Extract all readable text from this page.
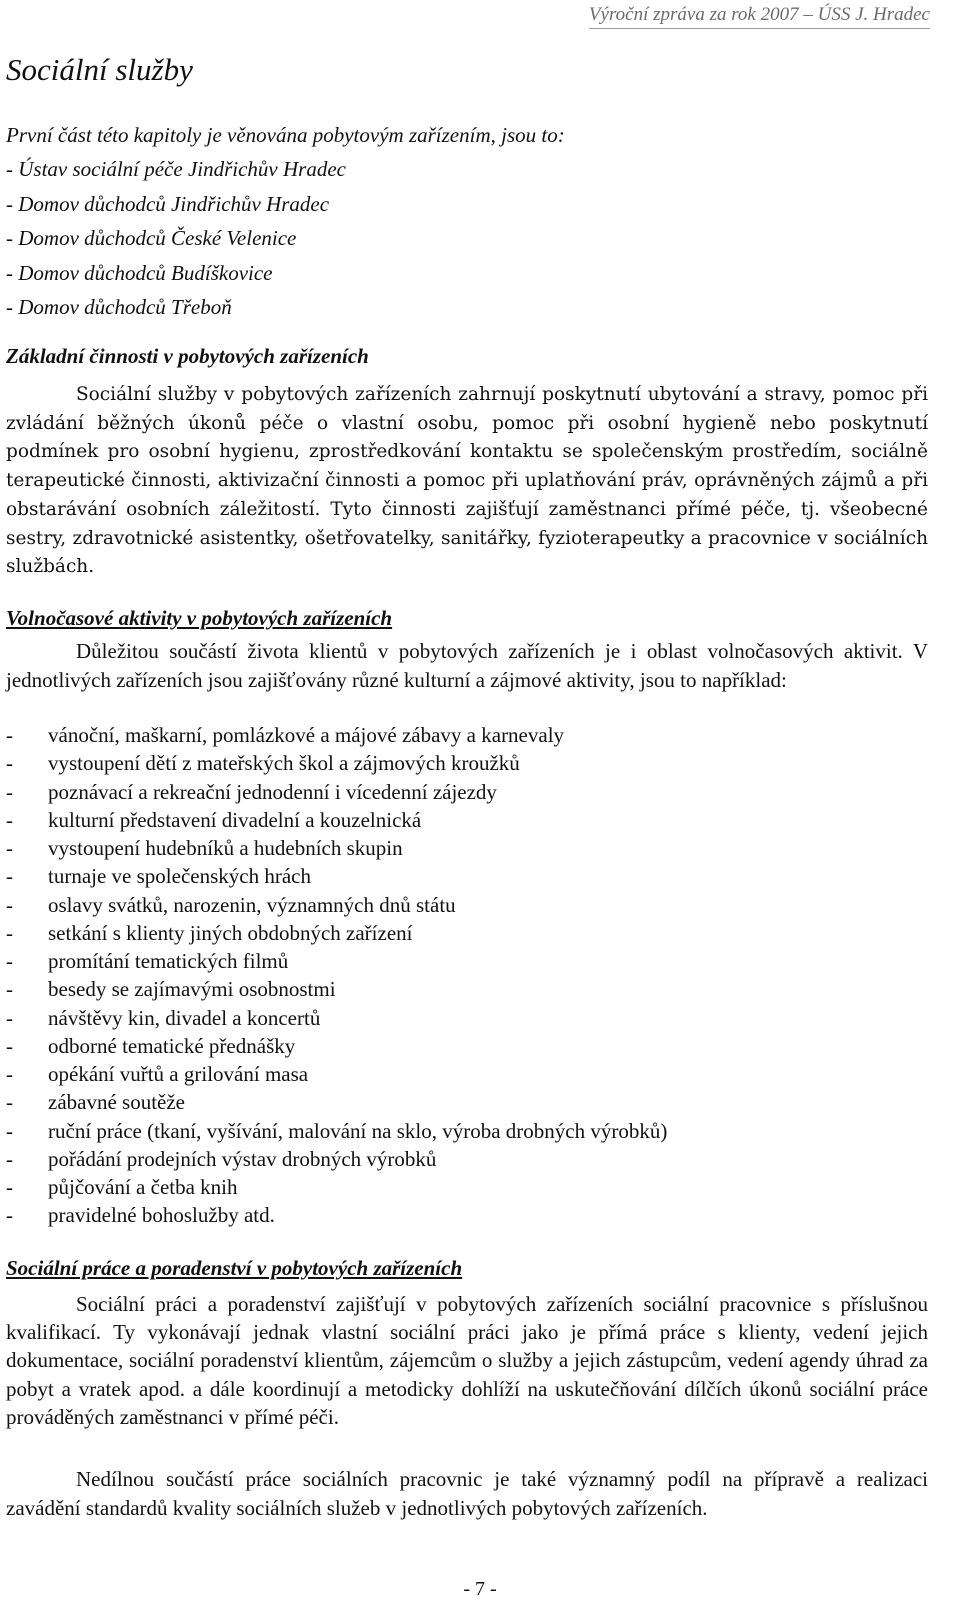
Výroční zpráva za rok 2007 – ÚSS J. Hradec
Sociální služby
První část této kapitoly je věnována pobytovým zařízením, jsou to:
- Ústav sociální péče Jindřichův Hradec
- Domov důchodců Jindřichův Hradec
- Domov důchodců České Velenice
- Domov důchodců Budíškovice
- Domov důchodců Třeboň
Základní činnosti v pobytových zařízeních
Sociální služby v pobytových zařízeních zahrnují poskytnutí ubytování a stravy, pomoc při zvládání běžných úkonů péče o vlastní osobu, pomoc při osobní hygieně nebo poskytnutí podmínek pro osobní hygienu, zprostředkování kontaktu se společenským prostředím, sociálně terapeutické činnosti, aktivizační činnosti a pomoc při uplatňování práv, oprávněných zájmů a při obstarávání osobních záležitostí. Tyto činnosti zajišťují zaměstnanci přímé péče, tj. všeobecné sestry, zdravotnické asistentky, ošetřovatelky, sanitářky, fyzioterapeutky a pracovnice v sociálních službách.
Volnočasové aktivity v pobytových zařízeních
Důležitou součástí života klientů v pobytových zařízeních je i oblast volnočasových aktivit. V jednotlivých zařízeních jsou zajišťovány různé kulturní a zájmové aktivity, jsou to například:
- vánoční, maškarní, pomlázkové a májové zábavy a karnevaly
- vystoupení dětí z mateřských škol a zájmových kroužků
- poznávací a rekreační jednodenní i vícedenní zájezdy
- kulturní představení divadelní a kouzelnická
- vystoupení hudebníků a hudebních skupin
- turnaje ve společenských hrách
- oslavy svátků, narozenin, významných dnů státu
- setkání s klienty jiných obdobných zařízení
- promítání tematických filmů
- besedy se zajímavými osobnostmi
- návštěvy kin, divadel a koncertů
- odborné tematické přednášky
- opékání vuřtů a grilování masa
- zábavné soutěže
- ruční práce (tkaní, vyšívání, malování na sklo, výroba drobných výrobků)
- pořádání prodejních výstav drobných výrobků
- půjčování a četba knih
- pravidelné bohoslužby atd.
Sociální práce a poradenství v pobytových zařízeních
Sociální práci a poradenství zajišťují v pobytových zařízeních sociální pracovnice s příslušnou kvalifikací. Ty vykonávají jednak vlastní sociální práci jako je přímá práce s klienty, vedení jejich dokumentace, sociální poradenství klientům, zájemcům o služby a jejich zástupcům, vedení agendy úhrad za pobyt a vratek apod. a dále koordinují a metodicky dohlíží na uskutečňování dílčích úkonů sociální práce prováděných zaměstnanci v přímé péči.
Nedílnou součástí práce sociálních pracovnic je také významný podíl na přípravě a realizaci zavádění standardů kvality sociálních služeb v jednotlivých pobytových zařízeních.
- 7 -
